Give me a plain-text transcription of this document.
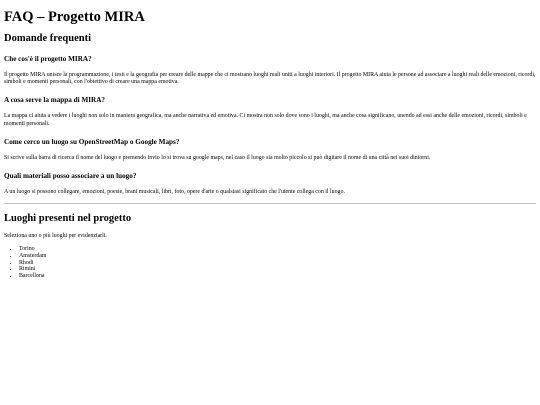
FAQ – Progetto MIRA
Domande frequenti
Che cos'è il progetto MIRA?

Il progetto MIRA unisce la programmazione, i testi e la geografia per creare delle mappe che ci mostrano luoghi reali uniti a luoghi interiori. Il progetto MIRA aiuta le persone ad associare a luoghi reali delle emozioni, ricordi, simboli e momenti personali, con l'obiettivo di creare una mappa emotiva.

A cosa serve la mappa di MIRA?

La mappa ci aiuta a vedere i luoghi non solo in maniera geografica, ma anche narrativa ed emotiva. Ci mostra non solo dove sono i luoghi, ma anche cosa significano, unendo ad essi anche delle emozioni, ricordi, simboli e momenti personali.

Come cerco un luogo su OpenStreetMap o Google Maps?

Si scrive sulla barra di ricerca il nome del luogo e premendo invio lo si trova su google maps, nel caso il luogo sia molto piccolo si può digitare il nome di una città nei suoi dintorni.

Quali materiali posso associare a un luogo?

A un luogo si possono collegare, emozioni, poesie, brani musicali, libri, foto, opere d'arte o qualsiasi significato che l'utente collega con il luogo.

Luoghi presenti nel progetto

Seleziona uno o più luoghi per evidenziarli.

• Torino
• Amsterdam
• Rhodi
• Rimini
• Barcellona
